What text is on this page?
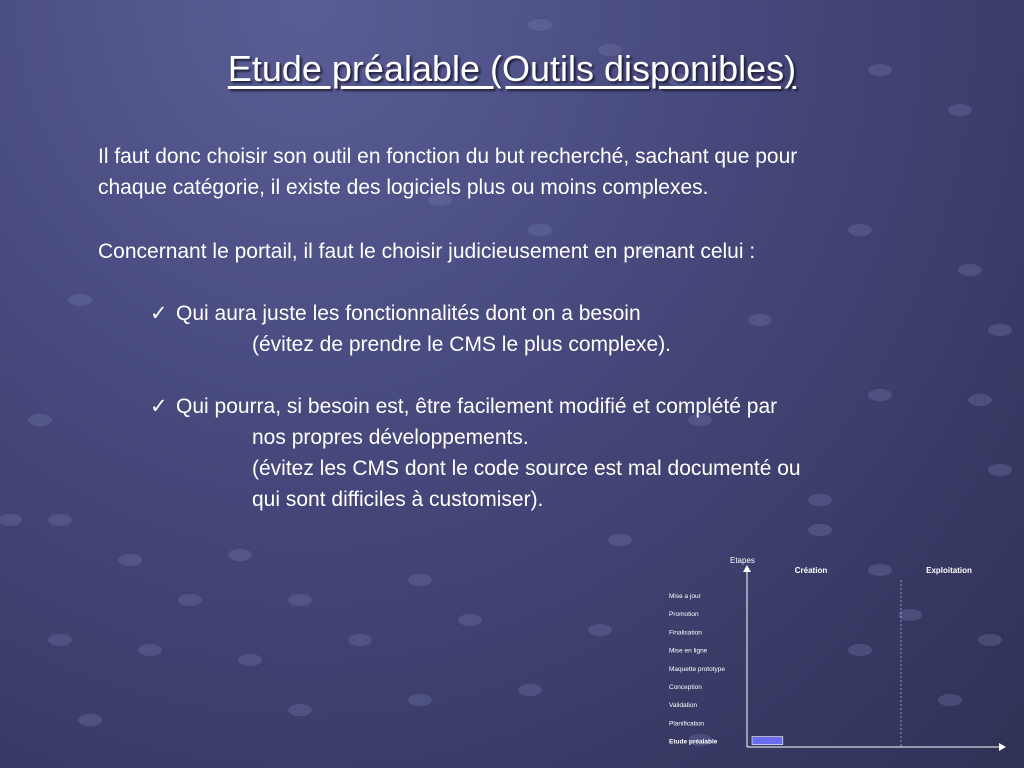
Etude préalable (Outils disponibles)
Il faut donc choisir son outil en fonction du but recherché, sachant que pour
chaque catégorie, il existe des logiciels plus ou moins complexes.
Concernant le portail, il faut le choisir judicieusement en prenant celui :
✓ Qui aura juste les fonctionnalités dont on a besoin
(évitez de prendre le CMS le plus complexe).
✓ Qui pourra, si besoin est, être facilement modifié et complété par
nos propres développements.
(évitez les CMS dont le code source est mal documenté ou
qui sont difficiles à customiser).
Etapes
Création	Exploitation
Mise a jour
Promotion
Finalisation
Mise en ligne
Maquette prototype
Conception
Validation
Planification
Etude préalable
